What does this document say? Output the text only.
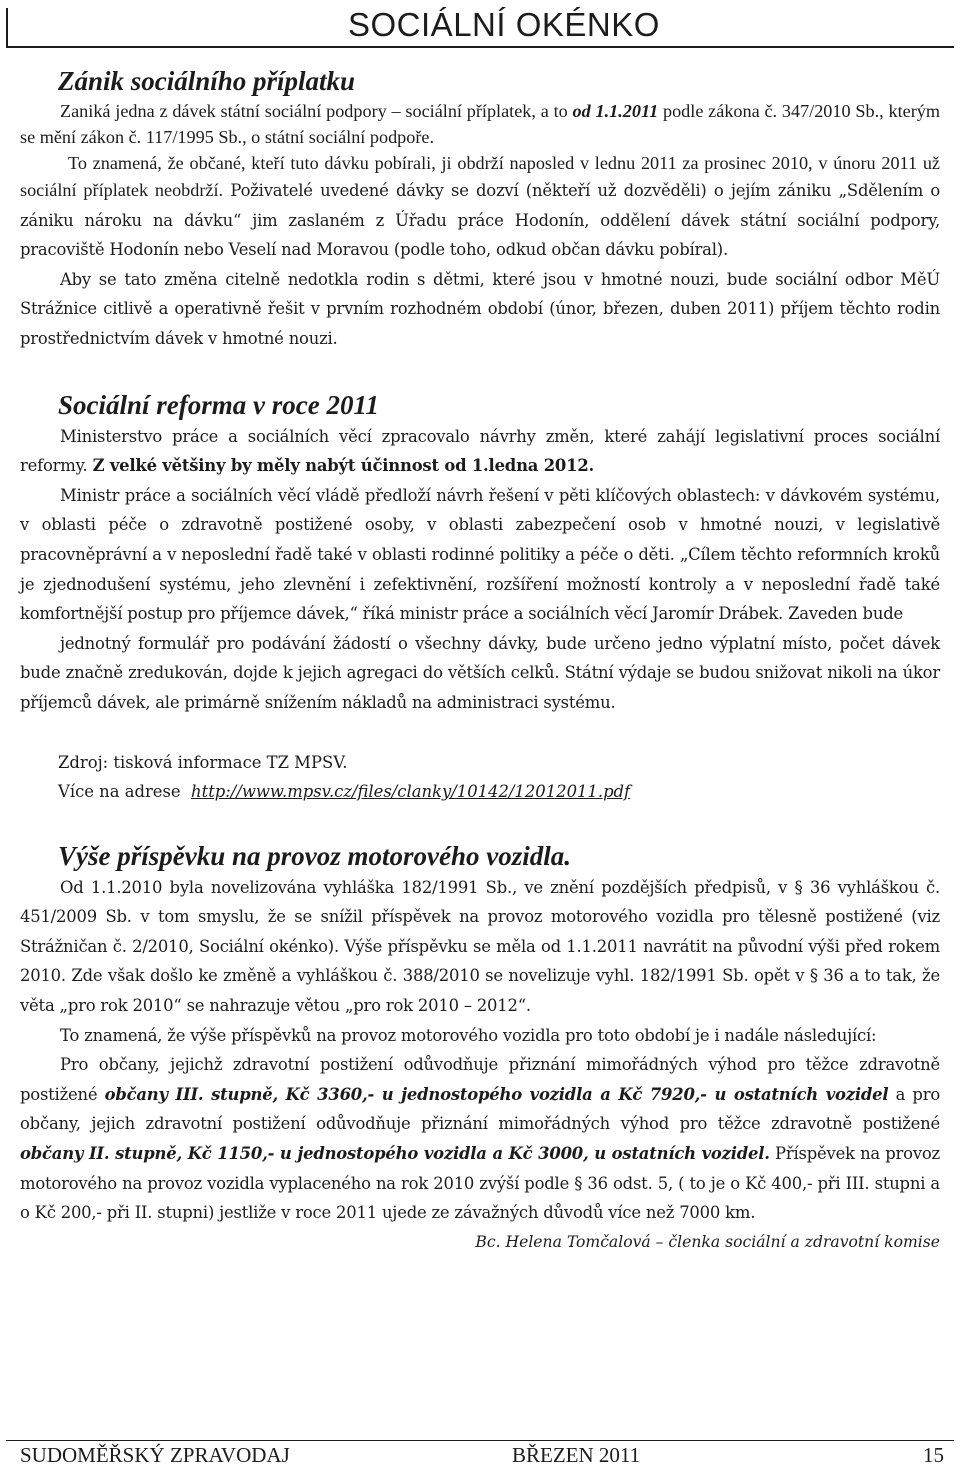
SOCIÁLNÍ OKÉNKO
Zánik sociálního příplatku

Zaniká jedna z dávek státní sociální podpory – sociální příplatek, a to od 1.1.2011 podle zákona č. 347/2010 Sb., kterým se mění zákon č. 117/1995 Sb., o státní sociální podpoře.

To znamená, že občané, kteří tuto dávku pobírali, ji obdrží naposled v lednu 2011 za prosinec 2010, v únoru 2011 už sociální příplatek neobdrží. Poživatelé uvedené dávky se dozví (někteří už dozvěděli) o jejím zániku „Sdělením o zániku nároku na dávku“ jim zaslaném z Úřadu práce Hodonín, oddělení dávek státní sociální podpory, pracoviště Hodonín nebo Veselí nad Moravou (podle toho, odkud občan dávku pobíral).

Aby se tato změna citelně nedotkla rodin s dětmi, které jsou v hmotné nouzi, bude sociální odbor MěÚ Strážnice citlivě a operativně řešit v prvním rozhodném období (únor, březen, duben 2011) příjem těchto rodin prostřednictvím dávek v hmotné nouzi.

Sociální reforma v roce 2011

Ministerstvo práce a sociálních věcí zpracovalo návrhy změn, které zahájí legislativní proces sociální reformy. Z velké většiny by měly nabýt účinnost od 1.ledna 2012.

Ministr práce a sociálních věcí vládě předloží návrh řešení v pěti klíčových oblastech: v dávkovém systému, v oblasti péče o zdravotně postižené osoby, v oblasti zabezpečení osob v hmotné nouzi, v legislativě pracovněprávní a v neposlední řadě také v oblasti rodinné politiky a péče o děti. „Cílem těchto reformních kroků je zjednodušení systému, jeho zlevnění i zefektivnění, rozšíření možností kontroly a v neposlední řadě také komfortnější postup pro příjemce dávek,“ říká ministr práce a sociálních věcí Jaromír Drábek. Zaveden bude

jednotný formulář pro podávání žádostí o všechny dávky, bude určeno jedno výplatní místo, počet dávek bude značně zredukován, dojde k jejich agregaci do větších celků. Státní výdaje se budou snižovat nikoli na úkor příjemců dávek, ale primárně snížením nákladů na administraci systému.

Zdroj: tisková informace TZ MPSV.
Více na adrese http://www.mpsv.cz/files/clanky/10142/12012011.pdf
Výše příspěvku na provoz motorového vozidla.

Od 1.1.2010 byla novelizována vyhláška 182/1991 Sb., ve znění pozdějších předpisů, v § 36 vyhláškou č. 451/2009 Sb. v tom smyslu, že se snížil příspěvek na provoz motorového vozidla pro tělesně postižené (viz Strážničan č. 2/2010, Sociální okénko). Výše příspěvku se měla od 1.1.2011 navrátit na původní výši před rokem 2010. Zde však došlo ke změně a vyhláškou č. 388/2010 se novelizuje vyhl. 182/1991 Sb. opět v § 36 a to tak, že věta „pro rok 2010“ se nahrazuje větou „pro rok 2010 – 2012“.

To znamená, že výše příspěvků na provoz motorového vozidla pro toto období je i nadále následující:

Pro občany, jejichž zdravotní postižení odůvodňuje přiznání mimořádných výhod pro těžce zdravotně postižené občany III. stupně, Kč 3360,- u jednostopého vozidla a Kč 7920,- u ostatních vozidel a pro občany, jejich zdravotní postižení odůvodňuje přiznání mimořádných výhod pro těžce zdravotně postižené občany II. stupně, Kč 1150,- u jednostopého vozidla a Kč 3000, u ostatních vozidel. Příspěvek na provoz motorového na provoz vozidla vyplaceného na rok 2010 zvýší podle § 36 odst. 5, ( to je o Kč 400,- při III. stupni a o Kč 200,- při II. stupni) jestliže v roce 2011 ujede ze závažných důvodů více než 7000 km.

Bc. Helena Tomčalová – členka sociální a zdravotní komise
SUDOMĚŘSKÝ ZPRAVODAJ	BŘEZEN 2011	15
